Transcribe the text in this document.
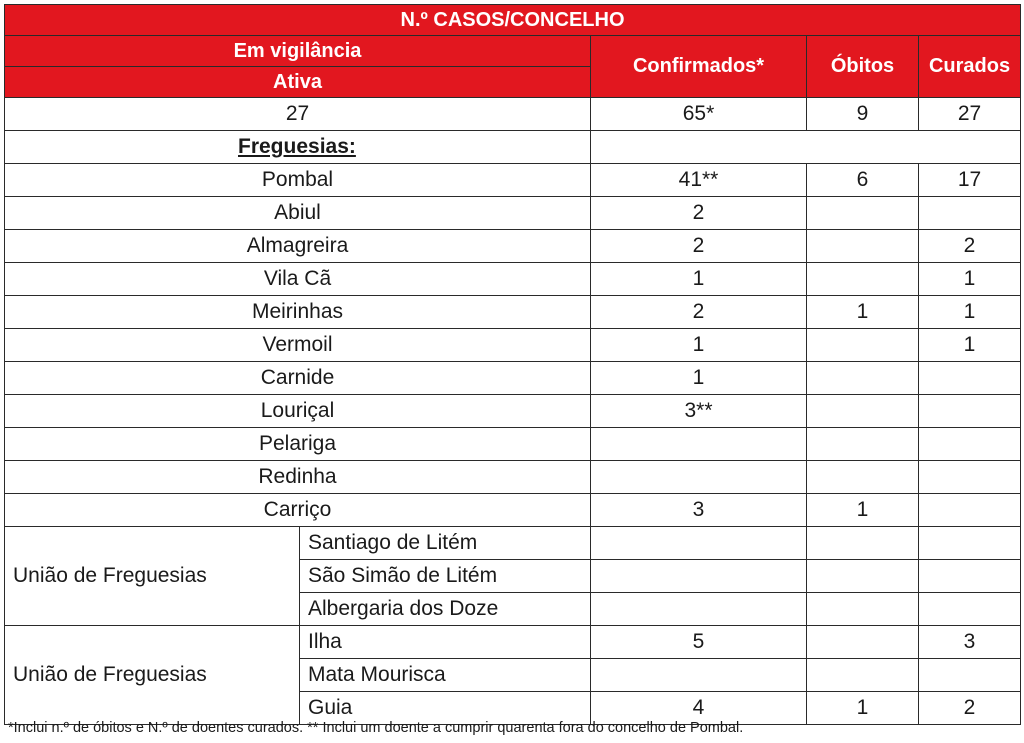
N.º CASOS/CONCELHO				
Em vigilância		Confirmados*	Óbitos	Curados
Ativa				
27		65*	9	27
Freguesias:				
Pombal		41**	6	17
Abiul		2		
Almagreira		2		2
Vila Cã		1		1
Meirinhas		2	1	1
Vermoil		1		1
Carnide		1		
Louriçal		3**		
Pelariga				
Redinha				
Carriço		3	1	
União de Freguesias	Santiago de Litém			
	São Simão de Litém			
	Albergaria dos Doze			
União de Freguesias	Ilha	5		3
	Mata Mourisca			
	Guia	4	1	2
*Inclui n.º de óbitos e N.º de doentes curados. ** Inclui um doente a cumprir quarenta fora do concelho de Pombal.
